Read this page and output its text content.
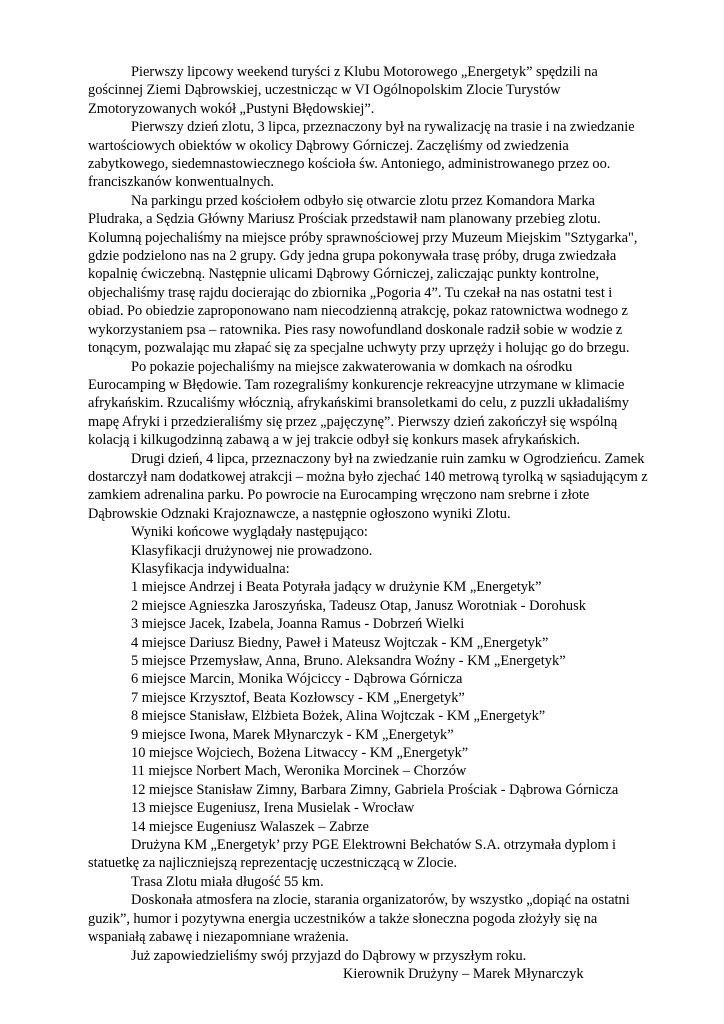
Pierwszy lipcowy weekend turyści z Klubu Motorowego „Energetyk” spędzili na gościnnej Ziemi Dąbrowskiej, uczestnicząc w VI Ogólnopolskim Zlocie Turystów Zmotoryzowanych wokół „Pustyni Błędowskiej”.

Pierwszy dzień zlotu, 3 lipca, przeznaczony był na rywalizację na trasie i na zwiedzanie wartościowych obiektów w okolicy Dąbrowy Górniczej. Zaczęliśmy od zwiedzenia zabytkowego, siedemnastowiecznego kościoła św. Antoniego, administrowanego przez oo. franciszkanów konwentualnych.

Na parkingu przed kościołem odbyło się otwarcie zlotu przez Komandora Marka Pludraka, a Sędzia Główny Mariusz Prościak przedstawił nam planowany przebieg zlotu. Kolumną pojechaliśmy na miejsce próby sprawnościowej przy Muzeum Miejskim "Sztygarka", gdzie podzielono nas na 2 grupy. Gdy jedna grupa pokonywała trasę próby, druga zwiedzała kopalnię ćwiczebną. Następnie ulicami Dąbrowy Górniczej, zaliczając punkty kontrolne, objechaliśmy trasę rajdu docierając do zbiornika „Pogoria 4”. Tu czekał na nas ostatni test i obiad. Po obiedzie zaproponowano nam niecodzienną atrakcję, pokaz ratownictwa wodnego z wykorzystaniem psa – ratownika. Pies rasy nowofundland doskonale radził sobie w wodzie z tonącym, pozwalając mu złapać się za specjalne uchwyty przy uprzęży i holując go do brzegu.

Po pokazie pojechaliśmy na miejsce zakwaterowania w domkach na ośrodku Eurocamping w Błędowie. Tam rozegraliśmy konkurencje rekreacyjne utrzymane w klimacie afrykańskim. Rzucaliśmy włócznią, afrykańskimi bransoletkami do celu, z puzzli układaliśmy mapę Afryki i przedzieraliśmy się przez „pajęczynę”. Pierwszy dzień zakończył się wspólną kolacją i kilkugodzinną zabawą a w jej trakcie odbył się konkurs masek afrykańskich.

Drugi dzień, 4 lipca, przeznaczony był na zwiedzanie ruin zamku w Ogrodzieńcu. Zamek dostarczył nam dodatkowej atrakcji – można było zjechać 140 metrową tyrolką w sąsiadującym z zamkiem adrenalina parku. Po powrocie na Eurocamping wręczono nam srebrne i złote Dąbrowskie Odznaki Krajoznawcze, a następnie ogłoszono wyniki Zlotu.

Wyniki końcowe wyglądały następująco:
Klasyfikacji drużynowej nie prowadzono.
Klasyfikacja indywidualna:
1 miejsce Andrzej i Beata Potyrała jadący w drużynie KM „Energetyk”
2 miejsce Agnieszka Jaroszyńska, Tadeusz Otap, Janusz Worotniak - Dorohusk
3 miejsce Jacek, Izabela, Joanna Ramus - Dobrzeń Wielki
4 miejsce Dariusz Biedny, Paweł i Mateusz Wojtczak - KM „Energetyk”
5 miejsce Przemysław, Anna, Bruno. Aleksandra Woźny - KM „Energetyk”
6 miejsce Marcin, Monika Wójciccy - Dąbrowa Górnicza
7 miejsce Krzysztof, Beata Kozłowscy - KM „Energetyk”
8 miejsce Stanisław, Elżbieta Bożek, Alina Wojtczak - KM „Energetyk”
9 miejsce Iwona, Marek Młynarczyk - KM „Energetyk”
10 miejsce Wojciech, Bożena Litwaccy - KM „Energetyk”
11 miejsce Norbert Mach, Weronika Morcinek – Chorzów
12 miejsce Stanisław Zimny, Barbara Zimny, Gabriela Prościak - Dąbrowa Górnicza
13 miejsce Eugeniusz, Irena Musielak - Wrocław
14 miejsce Eugeniusz Walaszek – Zabrze

Drużyna KM „Energetyk’ przy PGE Elektrowni Bełchatów S.A. otrzymała dyplom i statuetkę za najliczniejszą reprezentację uczestniczącą w Zlocie.

Trasa Zlotu miała długość 55 km.

Doskonała atmosfera na zlocie, starania organizatorów, by wszystko „dopiąć na ostatni guzik”, humor i pozytywna energia uczestników a także słoneczna pogoda złożyły się na wspaniałą zabawę i niezapomniane wrażenia.

Już zapowiedzieliśmy swój przyjazd do Dąbrowy w przyszłym roku.

Kierownik Drużyny – Marek Młynarczyk
